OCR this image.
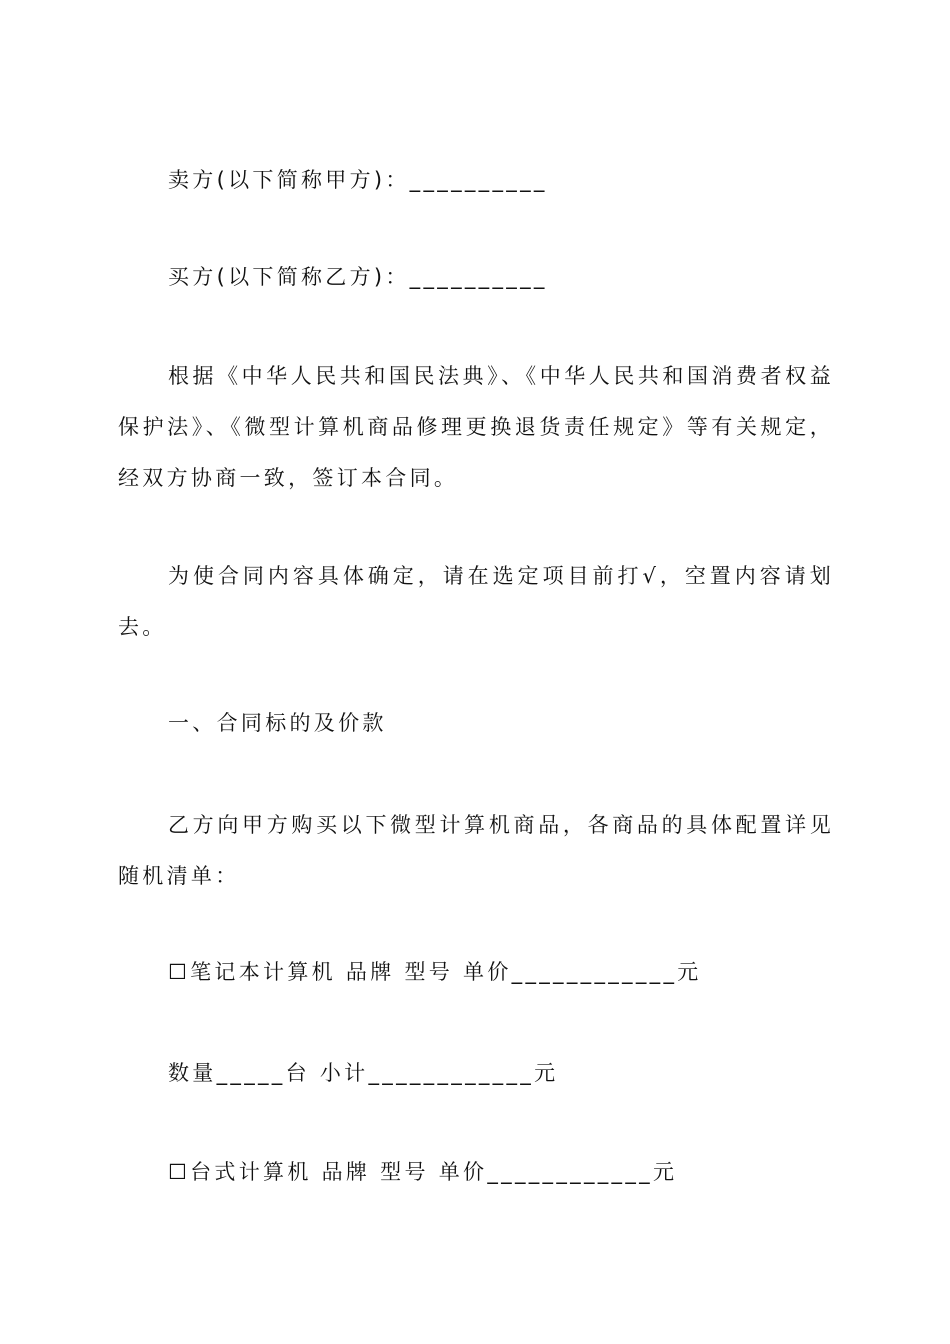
卖方(以下简称甲方)：__________

买方(以下简称乙方)：__________

根据《中华人民共和国民法典》、《中华人民共和国消费者权益保护法》、《微型计算机商品修理更换退货责任规定》等有关规定，经双方协商一致，签订本合同。

为使合同内容具体确定，请在选定项目前打√，空置内容请划去。

一、合同标的及价款

乙方向甲方购买以下微型计算机商品，各商品的具体配置详见随机清单：

☐笔记本计算机 品牌 型号 单价____________元

数量_____台 小计____________元

☐台式计算机 品牌 型号 单价____________元
